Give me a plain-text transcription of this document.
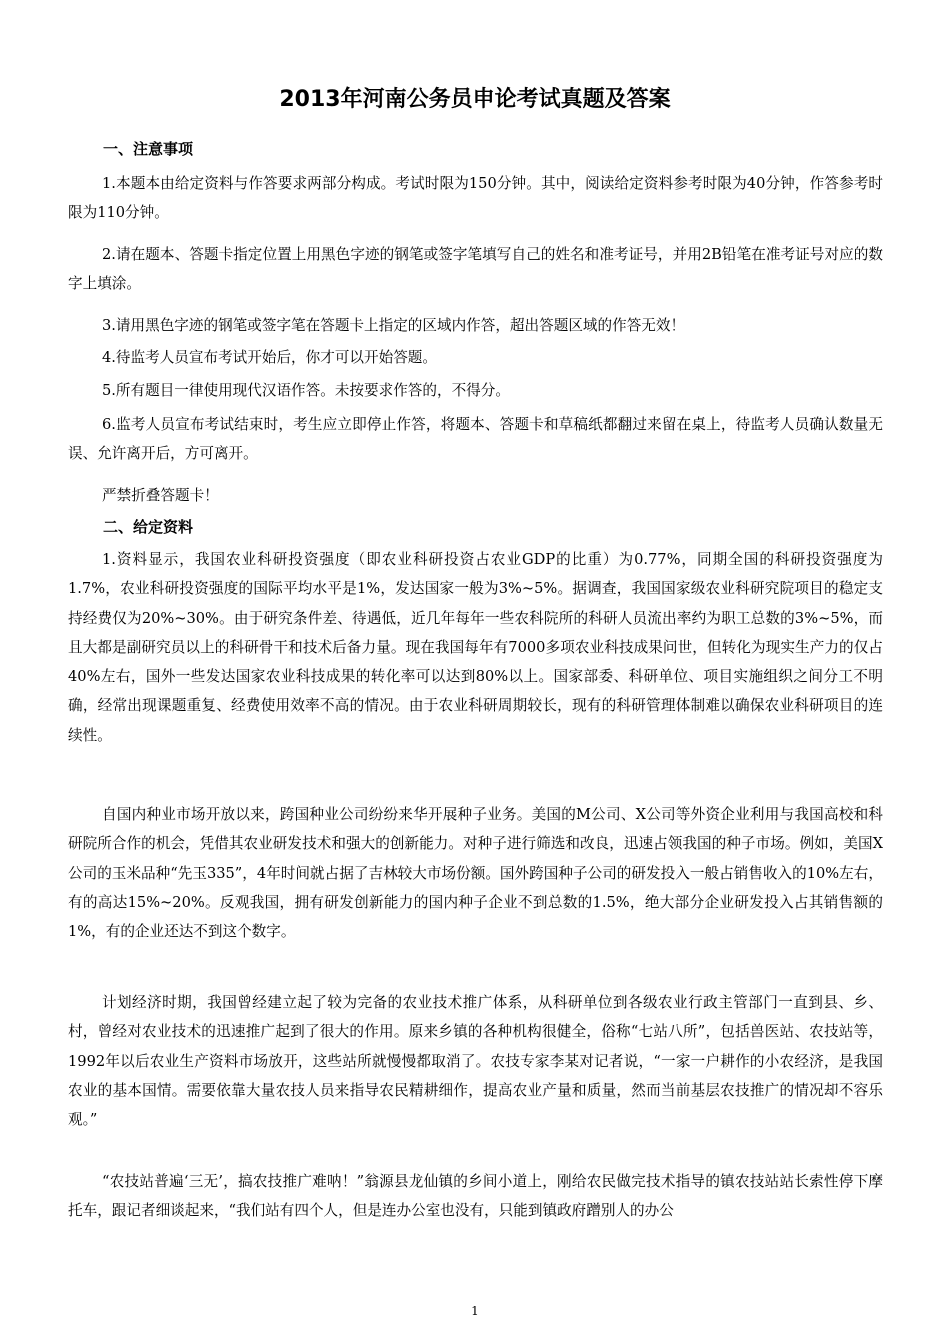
2013年河南公务员申论考试真题及答案
一、注意事项

1.本题本由给定资料与作答要求两部分构成。考试时限为150分钟。其中，阅读给定资料参考时限为40分钟，作答参考时限为110分钟。

2.请在题本、答题卡指定位置上用黑色字迹的钢笔或签字笔填写自己的姓名和准考证号，并用2B铅笔在准考证号对应的数字上填涂。

3.请用黑色字迹的钢笔或签字笔在答题卡上指定的区域内作答，超出答题区域的作答无效！

4.待监考人员宣布考试开始后，你才可以开始答题。

5.所有题目一律使用现代汉语作答。未按要求作答的，不得分。

6.监考人员宣布考试结束时，考生应立即停止作答，将题本、答题卡和草稿纸都翻过来留在桌上，待监考人员确认数量无误、允许离开后，方可离开。

严禁折叠答题卡！

二、给定资料

1.资料显示，我国农业科研投资强度（即农业科研投资占农业GDP的比重）为0.77%，同期全国的科研投资强度为1.7%，农业科研投资强度的国际平均水平是1%，发达国家一般为3%~5%。据调查，我国国家级农业科研究院项目的稳定支持经费仅为20%~30%。由于研究条件差、待遇低，近几年每年一些农科院所的科研人员流出率约为职工总数的3%~5%，而且大都是副研究员以上的科研骨干和技术后备力量。现在我国每年有7000多项农业科技成果问世，但转化为现实生产力的仅占40%左右，国外一些发达国家农业科技成果的转化率可以达到80%以上。国家部委、科研单位、项目实施组织之间分工不明确，经常出现课题重复、经费使用效率不高的情况。由于农业科研周期较长，现有的科研管理体制难以确保农业科研项目的连续性。

自国内种业市场开放以来，跨国种业公司纷纷来华开展种子业务。美国的M公司、X公司等外资企业利用与我国高校和科研院所合作的机会，凭借其农业研发技术和强大的创新能力。对种子进行筛选和改良，迅速占领我国的种子市场。例如，美国X公司的玉米品种“先玉335”，4年时间就占据了吉林较大市场份额。国外跨国种子公司的研发投入一般占销售收入的10%左右，有的高达15%~20%。反观我国，拥有研发创新能力的国内种子企业不到总数的1.5%，绝大部分企业研发投入占其销售额的1%，有的企业还达不到这个数字。

计划经济时期，我国曾经建立起了较为完备的农业技术推广体系，从科研单位到各级农业行政主管部门一直到县、乡、村，曾经对农业技术的迅速推广起到了很大的作用。原来乡镇的各种机构很健全，俗称“七站八所”，包括兽医站、农技站等，1992年以后农业生产资料市场放开，这些站所就慢慢都取消了。农技专家李某对记者说，“一家一户耕作的小农经济，是我国农业的基本国情。需要依靠大量农技人员来指导农民精耕细作，提高农业产量和质量，然而当前基层农技推广的情况却不容乐观。”

“农技站普遍‘三无’，搞农技推广难呐！”翁源县龙仙镇的乡间小道上，刚给农民做完技术指导的镇农技站站长索性停下摩托车，跟记者细谈起来，“我们站有四个人，但是连办公室也没有，只能到镇政府蹭别人的办公

1
